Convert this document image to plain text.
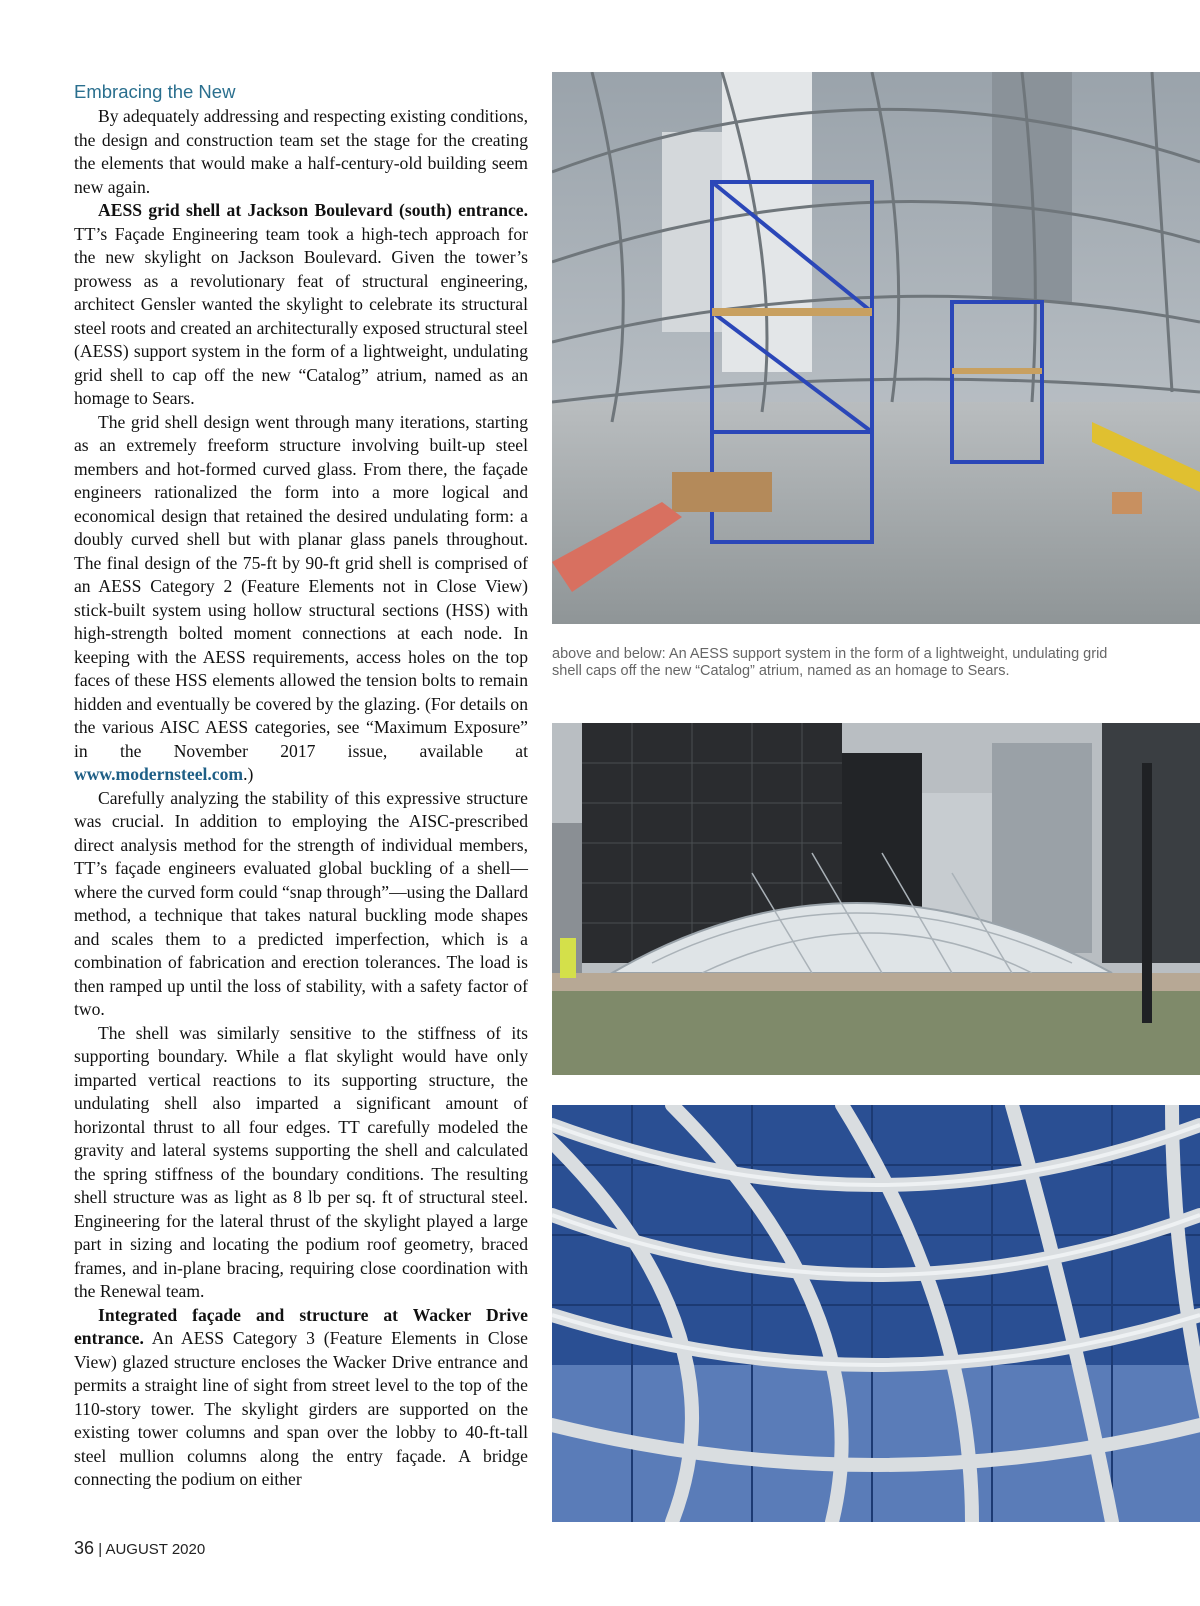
Embracing the New

By adequately addressing and respecting existing conditions, the design and construction team set the stage for the creating the elements that would make a half-century-old building seem new again.

AESS grid shell at Jackson Boulevard (south) entrance. TT’s Façade Engineering team took a high-tech approach for the new skylight on Jackson Boulevard. Given the tower’s prowess as a revolutionary feat of structural engineering, architect Gensler wanted the skylight to celebrate its structural steel roots and created an architecturally exposed structural steel (AESS) support system in the form of a lightweight, undulating grid shell to cap off the new “Catalog” atrium, named as an homage to Sears.

The grid shell design went through many iterations, starting as an extremely freeform structure involving built-up steel members and hot-formed curved glass. From there, the façade engineers rationalized the form into a more logical and economical design that retained the desired undulating form: a doubly curved shell but with planar glass panels throughout. The final design of the 75-ft by 90-ft grid shell is comprised of an AESS Category 2 (Feature Elements not in Close View) stick-built system using hollow structural sections (HSS) with high-strength bolted moment connections at each node. In keeping with the AESS requirements, access holes on the top faces of these HSS elements allowed the tension bolts to remain hidden and eventually be covered by the glazing. (For details on the various AISC AESS categories, see “Maximum Exposure” in the November 2017 issue, available at www.modernsteel.com.)

Carefully analyzing the stability of this expressive structure was crucial. In addition to employing the AISC-prescribed direct analysis method for the strength of individual members, TT’s façade engineers evaluated global buckling of a shell—where the curved form could “snap through”—using the Dallard method, a technique that takes natural buckling mode shapes and scales them to a predicted imperfection, which is a combination of fabrication and erection tolerances. The load is then ramped up until the loss of stability, with a safety factor of two.

The shell was similarly sensitive to the stiffness of its supporting boundary. While a flat skylight would have only imparted vertical reactions to its supporting structure, the undulating shell also imparted a significant amount of horizontal thrust to all four edges. TT carefully modeled the gravity and lateral systems supporting the shell and calculated the spring stiffness of the boundary conditions. The resulting shell structure was as light as 8 lb per sq. ft of structural steel. Engineering for the lateral thrust of the skylight played a large part in sizing and locating the podium roof geometry, braced frames, and in-plane bracing, requiring close coordination with the Renewal team.

Integrated façade and structure at Wacker Drive entrance. An AESS Category 3 (Feature Elements in Close View) glazed structure encloses the Wacker Drive entrance and permits a straight line of sight from street level to the top of the 110-story tower. The skylight girders are supported on the existing tower columns and span over the lobby to 40-ft-tall steel mullion columns along the entry façade. A bridge connecting the podium on either

above and below: An AESS support system in the form of a lightweight, undulating grid shell caps off the new “Catalog” atrium, named as an homage to Sears.
36 | AUGUST 2020
